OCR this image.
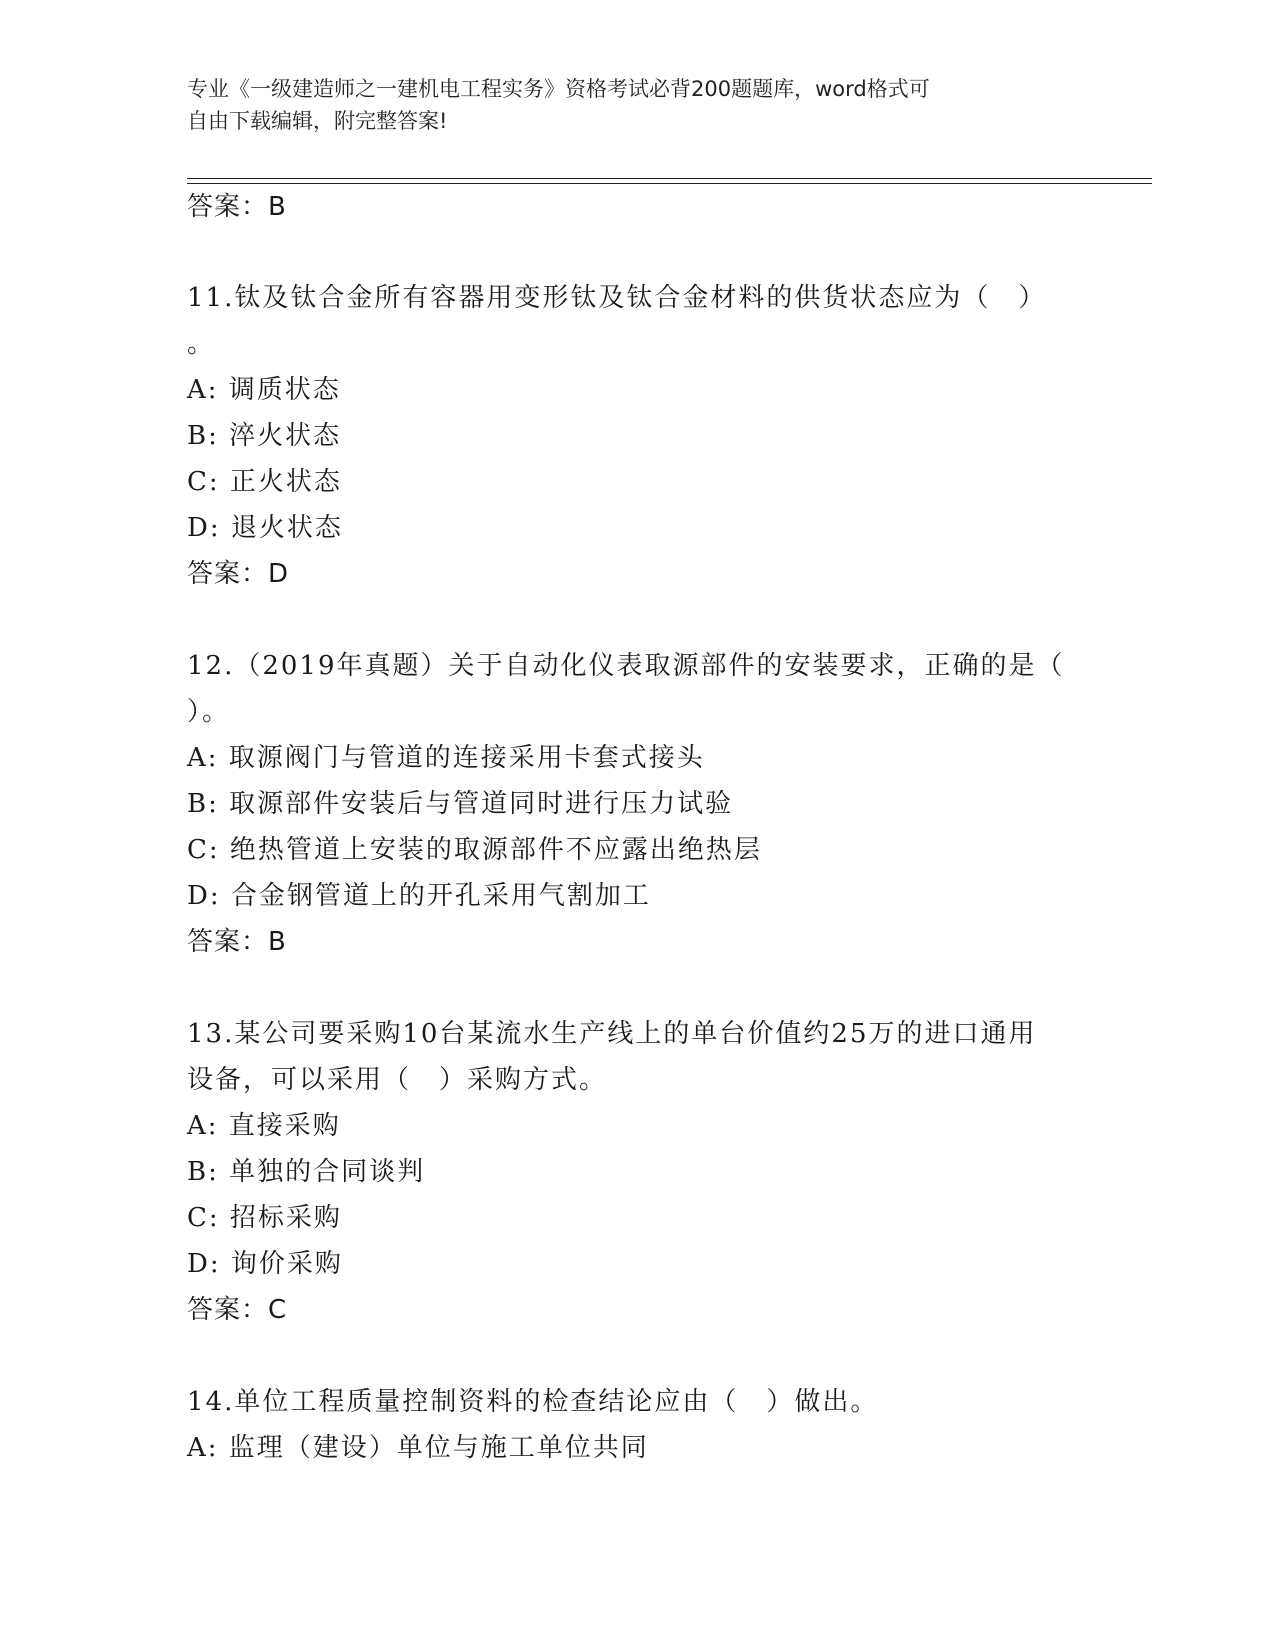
专业《一级建造师之一建机电工程实务》资格考试必背200题题库，word格式可
自由下载编辑，附完整答案!
答案：B
11.钛及钛合金所有容器用变形钛及钛合金材料的供货状态应为（　）
。
A: 调质状态
B: 淬火状态
C: 正火状态
D: 退火状态
答案：D
12.（2019年真题）关于自动化仪表取源部件的安装要求，正确的是（
）。
A: 取源阀门与管道的连接采用卡套式接头
B: 取源部件安装后与管道同时进行压力试验
C: 绝热管道上安装的取源部件不应露出绝热层
D: 合金钢管道上的开孔采用气割加工
答案：B
13.某公司要采购10台某流水生产线上的单台价值约25万的进口通用
设备，可以采用（　）采购方式。
A: 直接采购
B: 单独的合同谈判
C: 招标采购
D: 询价采购
答案：C
14.单位工程质量控制资料的检查结论应由（　）做出。
A: 监理（建设）单位与施工单位共同
